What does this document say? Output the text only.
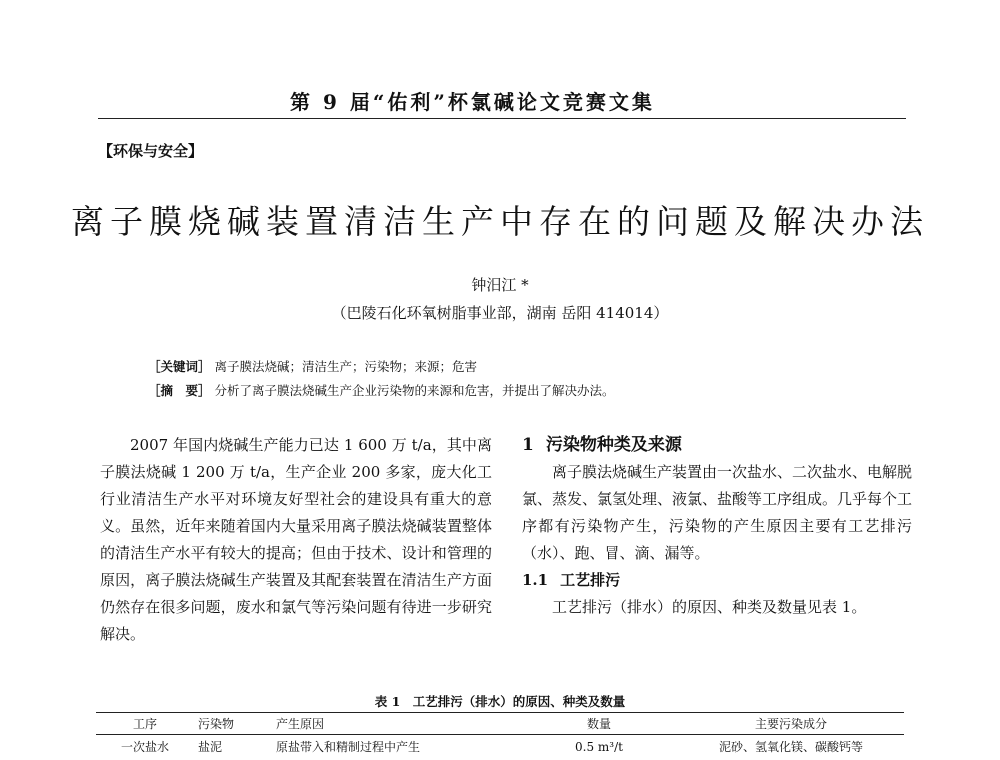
第 9 届“佑利”杯氯碱论文竞赛文集
【环保与安全】
离子膜烧碱装置清洁生产中存在的问题及解决办法
钟汨江 *
（巴陵石化环氧树脂事业部，湖南 岳阳 414014）
［关键词］ 离子膜法烧碱；清洁生产；污染物；来源；危害
［摘　要］ 分析了离子膜法烧碱生产企业污染物的来源和危害，并提出了解决办法。

2007 年国内烧碱生产能力已达 1 600 万 t/a，其中离子膜法烧碱 1 200 万 t/a，生产企业 200 多家，庞大化工行业清洁生产水平对环境友好型社会的建设具有重大的意义。虽然，近年来随着国内大量采用离子膜法烧碱装置整体的清洁生产水平有较大的提高；但由于技术、设计和管理的原因，离子膜法烧碱生产装置及其配套装置在清洁生产方面仍然存在很多问题，废水和氯气等污染问题有待进一步研究解决。

1 污染物种类及来源

离子膜法烧碱生产装置由一次盐水、二次盐水、电解脱氯、蒸发、氯氢处理、液氯、盐酸等工序组成。几乎每个工序都有污染物产生，污染物的产生原因主要有工艺排污（水）、跑、冒、滴、漏等。

1.1 工艺排污

工艺排污（排水）的原因、种类及数量见表 1。

表 1　工艺排污（排水）的原因、种类及数量
工序	污染物	产生原因	数量	主要污染成分
一次盐水	盐泥	原盐带入和精制过程中产生	0.5 m³/t	泥砂、氢氧化镁、碳酸钙等
